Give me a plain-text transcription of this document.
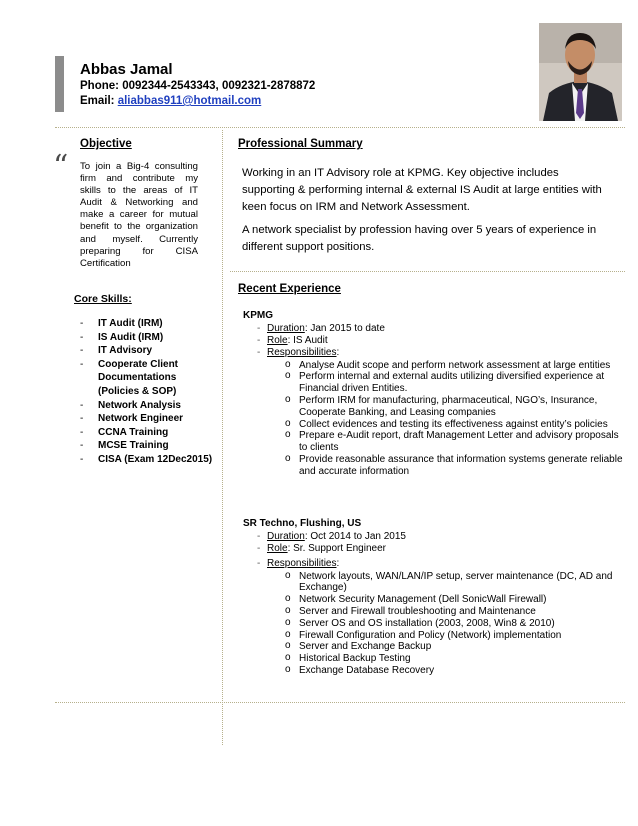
Abbas Jamal
Phone: 0092344-2543343, 0092321-2878872
Email: aliabbas911@hotmail.com
Objective
“ To join a Big-4 consulting firm and contribute my skills to the areas of IT Audit & Networking and make a career for mutual benefit to the organization and myself. Currently preparing for CISA Certification
Core Skills:
- IT Audit (IRM)
- IS Audit (IRM)
- IT Advisory
- Cooperate Client Documentations (Policies & SOP)
- Network Analysis
- Network Engineer
- CCNA Training
- MCSE Training
- CISA (Exam 12Dec2015)
Professional Summary

Working in an IT Advisory role at KPMG. Key objective includes supporting & performing internal & external IS Audit at large entities with keen focus on IRM and Network Assessment.

A network specialist by profession having over 5 years of experience in different support positions.

Recent Experience
KPMG
- Duration: Jan 2015 to date
- Role: IS Audit
- Responsibilities:
o Analyse Audit scope and perform network assessment at large entities
o Perform internal and external audits utilizing diversified experience at Financial driven Entities.
o Perform IRM for manufacturing, pharmaceutical, NGO’s, Insurance, Cooperate Banking, and Leasing companies
o Collect evidences and testing its effectiveness against entity’s policies
o Prepare e-Audit report, draft Management Letter and advisory proposals to clients
o Provide reasonable assurance that information systems generate reliable and accurate information
SR Techno, Flushing, US
- Duration: Oct 2014 to Jan 2015
- Role: Sr. Support Engineer
- Responsibilities:
o Network layouts, WAN/LAN/IP setup, server maintenance (DC, AD and Exchange)
o Network Security Management (Dell SonicWall Firewall)
o Server and Firewall troubleshooting and Maintenance
o Server OS and OS installation (2003, 2008, Win8 & 2010)
o Firewall Configuration and Policy (Network) implementation
o Server and Exchange Backup
o Historical Backup Testing
o Exchange Database Recovery
